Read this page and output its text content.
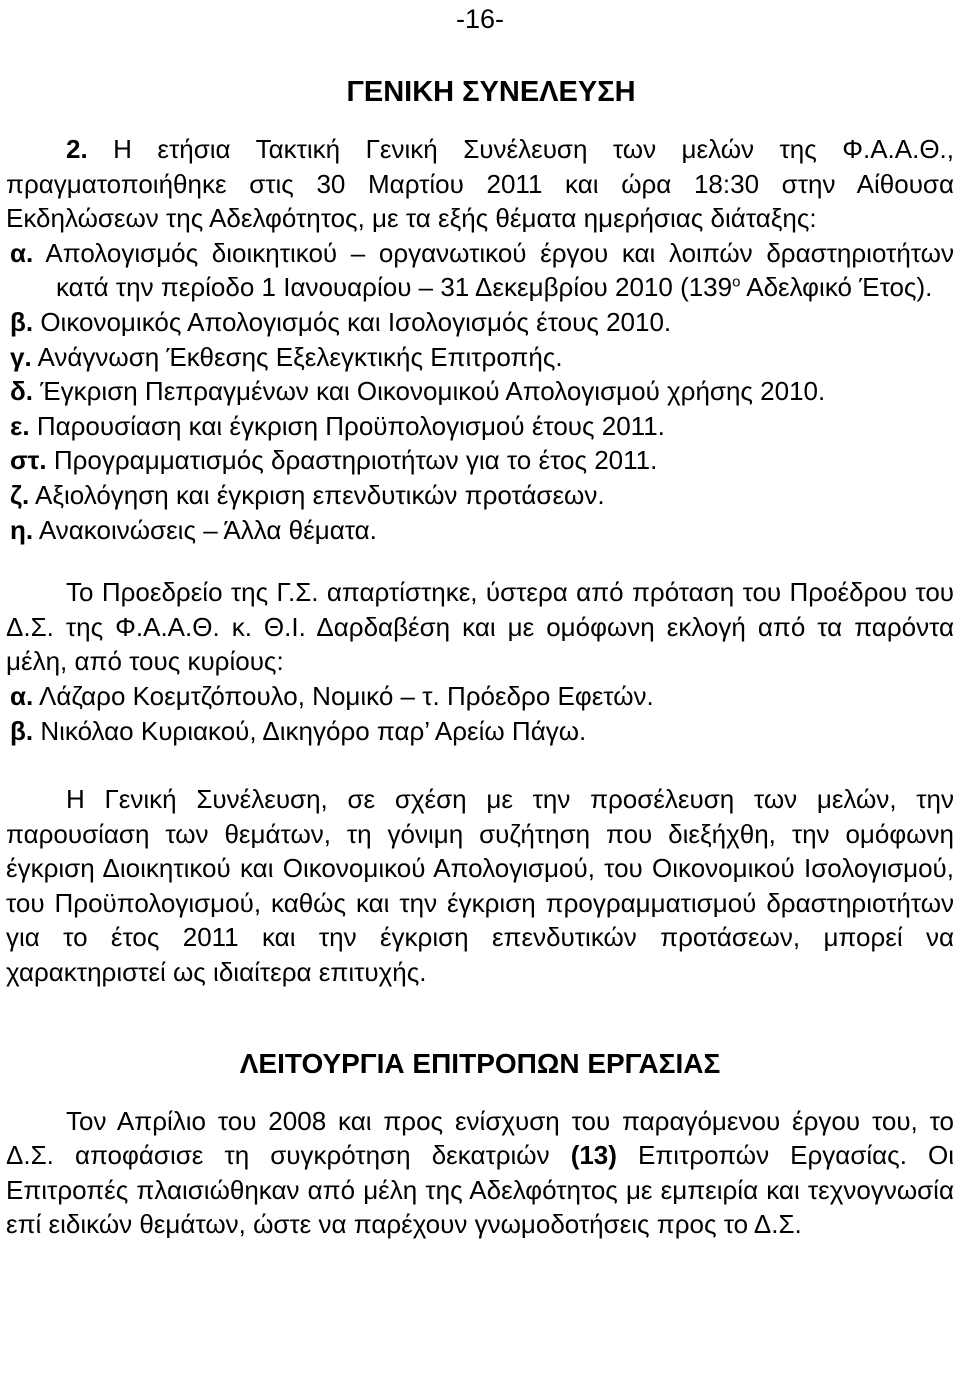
-16-
ΓΕΝΙΚΗ ΣΥΝΕΛΕΥΣΗ
2. Η ετήσια Τακτική Γενική Συνέλευση των μελών της Φ.Α.Α.Θ., πραγματοποιήθηκε στις 30 Μαρτίου 2011 και ώρα 18:30 στην Αίθουσα Εκδηλώσεων της Αδελφότητος, με τα εξής θέματα ημερήσιας διάταξης:
α. Απολογισμός διοικητικού – οργανωτικού έργου και λοιπών δραστηριοτήτων κατά την περίοδο 1 Ιανουαρίου – 31 Δεκεμβρίου 2010 ($139^o$ Αδελφικό Έτος).
β. Οικονομικός Απολογισμός και Ισολογισμός έτους 2010.
γ. Ανάγνωση Έκθεσης Εξελεγκτικής Επιτροπής.
δ. Έγκριση Πεπραγμένων και Οικονομικού Απολογισμού χρήσης 2010.
ε. Παρουσίαση και έγκριση Προϋπολογισμού έτους 2011.
στ. Προγραμματισμός δραστηριοτήτων για το έτος 2011.
ζ. Αξιολόγηση και έγκριση επενδυτικών προτάσεων.
η. Ανακοινώσεις – Άλλα θέματα.
Το Προεδρείο της Γ.Σ. απαρτίστηκε, ύστερα από πρόταση του Προέδρου του Δ.Σ. της Φ.Α.Α.Θ. κ. Θ.Ι. Δαρδαβέση και με ομόφωνη εκλογή από τα παρόντα μέλη, από τους κυρίους:
α. Λάζαρο Κοεμτζόπουλο, Νομικό – τ. Πρόεδρο Εφετών.
β. Νικόλαο Κυριακού, Δικηγόρο παρ’ Αρείω Πάγω.
Η Γενική Συνέλευση, σε σχέση με την προσέλευση των μελών, την παρουσίαση των θεμάτων, τη γόνιμη συζήτηση που διεξήχθη, την ομόφωνη έγκριση Διοικητικού και Οικονομικού Απολογισμού, του Οικονομικού Ισολογισμού, του Προϋπολογισμού, καθώς και την έγκριση προγραμματισμού δραστηριοτήτων για το έτος 2011 και την έγκριση επενδυτικών προτάσεων, μπορεί να χαρακτηριστεί ως ιδιαίτερα επιτυχής.
ΛΕΙΤΟΥΡΓΙΑ ΕΠΙΤΡΟΠΩΝ ΕΡΓΑΣΙΑΣ
Τον Απρίλιο του 2008 και προς ενίσχυση του παραγόμενου έργου του, το Δ.Σ. αποφάσισε τη συγκρότηση δεκατριών (13) Επιτροπών Εργασίας. Οι Επιτροπές πλαισιώθηκαν από μέλη της Αδελφότητος με εμπειρία και τεχνογνωσία επί ειδικών θεμάτων, ώστε να παρέχουν γνωμοδοτήσεις προς το Δ.Σ.
